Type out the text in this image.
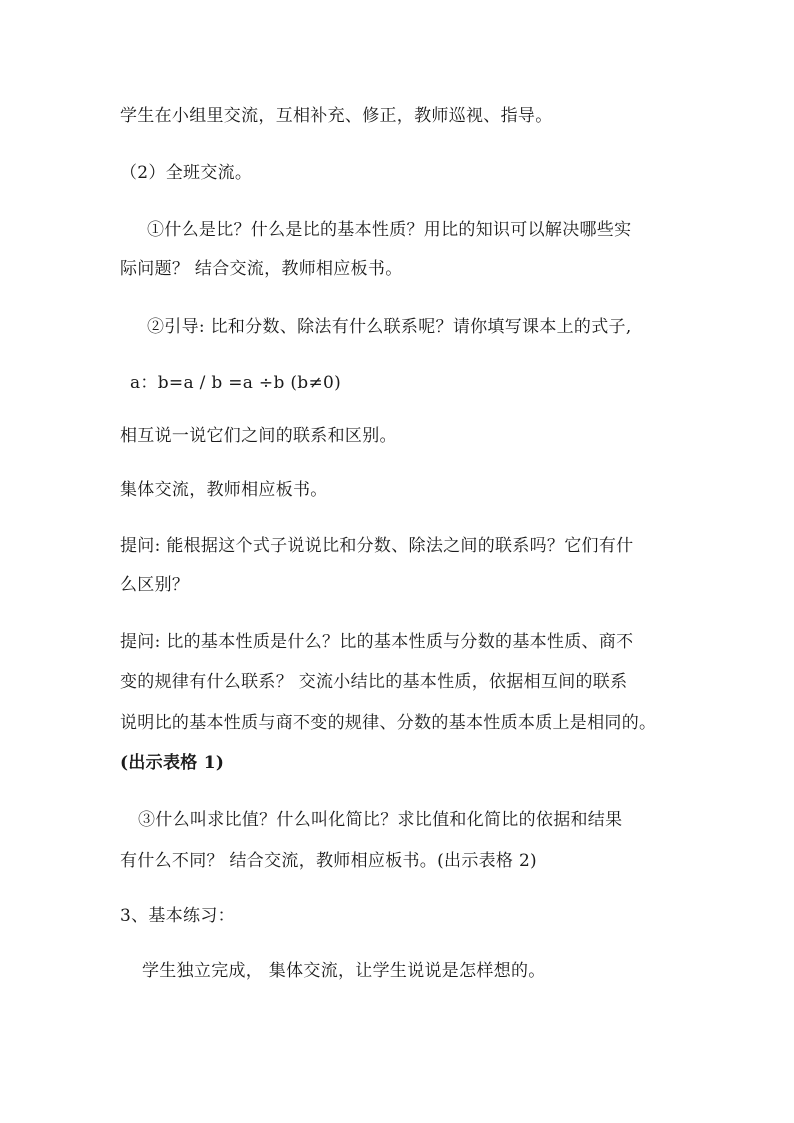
学生在小组里交流，互相补充、修正，教师巡视、指导。
（2）全班交流。
①什么是比？什么是比的基本性质？用比的知识可以解决哪些实
际问题？ 结合交流，教师相应板书。
②引导: 比和分数、除法有什么联系呢？请你填写课本上的式子,
a：b=a / b =a ÷b (b≠0)
相互说一说它们之间的联系和区别。
集体交流，教师相应板书。
提问: 能根据这个式子说说比和分数、除法之间的联系吗？它们有什
么区别？
提问: 比的基本性质是什么？比的基本性质与分数的基本性质、商不
变的规律有什么联系？ 交流小结比的基本性质，依据相互间的联系
说明比的基本性质与商不变的规律、分数的基本性质本质上是相同的。
(出示表格 1)
③什么叫求比值？什么叫化简比？求比值和化简比的依据和结果
有什么不同？ 结合交流，教师相应板书。(出示表格 2)
3、基本练习：
学生独立完成， 集体交流，让学生说说是怎样想的。
